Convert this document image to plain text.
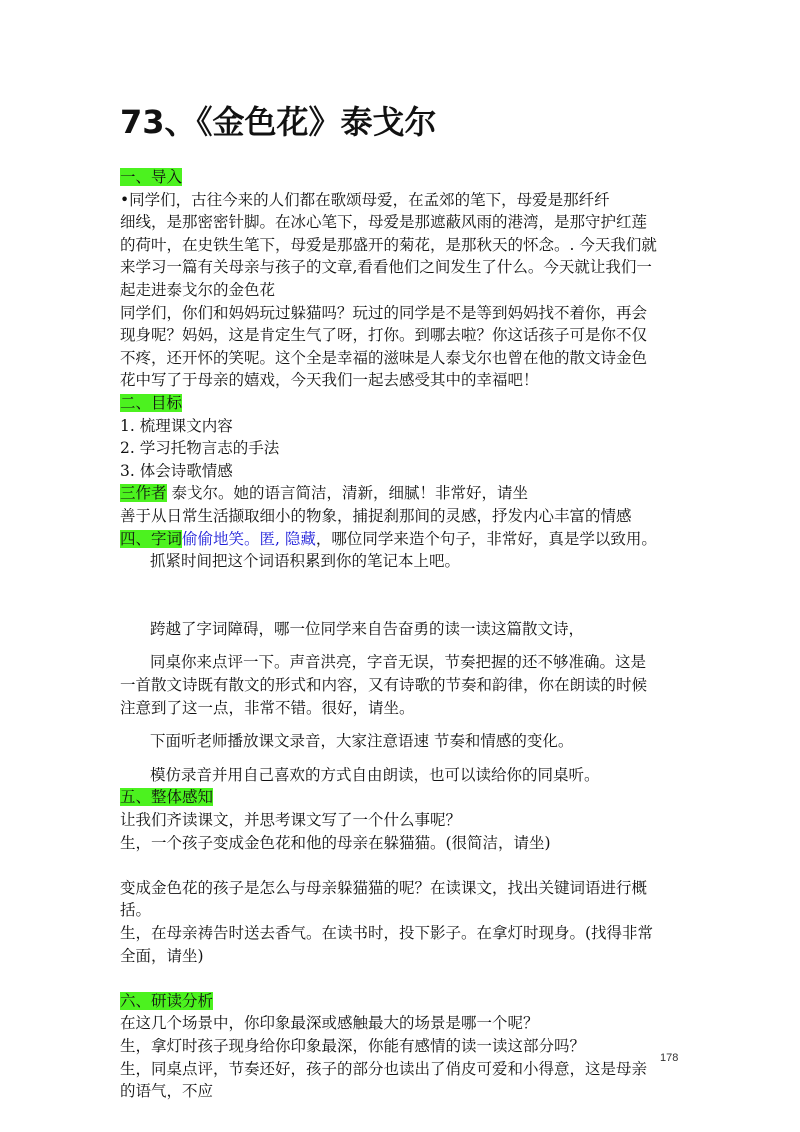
73、《金色花》泰戈尔
一、导入
•同学们，古往今来的人们都在歌颂母爱，在孟郊的笔下，母爱是那纤纤
细线，是那密密针脚。在冰心笔下，母爱是那遮蔽风雨的港湾，是那守护红莲
的荷叶，在史铁生笔下，母爱是那盛开的菊花，是那秋天的怀念。. 今天我们就
来学习一篇有关母亲与孩子的文章,看看他们之间发生了什么。今天就让我们一
起走进泰戈尔的金色花
同学们，你们和妈妈玩过躲猫吗？玩过的同学是不是等到妈妈找不着你，再会
现身呢？妈妈，这是肯定生气了呀，打你。到哪去啦？你这话孩子可是你不仅
不疼，还开怀的笑呢。这个全是幸福的滋味是人泰戈尔也曾在他的散文诗金色
花中写了于母亲的嬉戏，今天我们一起去感受其中的幸福吧！
二、目标
1. 梳理课文内容
2. 学习托物言志的手法
3. 体会诗歌情感
三作者 泰戈尔。她的语言简洁，清新，细腻！非常好，请坐
善于从日常生活撷取细小的物象，捕捉刹那间的灵感，抒发内心丰富的情感
四、字词偷偷地笑。匿, 隐藏，哪位同学来造个句子，非常好，真是学以致用。
抓紧时间把这个词语积累到你的笔记本上吧。
跨越了字词障碍，哪一位同学来自告奋勇的读一读这篇散文诗，
同桌你来点评一下。声音洪亮，字音无误，节奏把握的还不够准确。这是
一首散文诗既有散文的形式和内容，又有诗歌的节奏和韵律，你在朗读的时候
注意到了这一点，非常不错。很好，请坐。
下面听老师播放课文录音，大家注意语速 节奏和情感的变化。
模仿录音并用自己喜欢的方式自由朗读，也可以读给你的同桌听。
五、整体感知
让我们齐读课文，并思考课文写了一个什么事呢？
生，一个孩子变成金色花和他的母亲在躲猫猫。(很简洁，请坐)
变成金色花的孩子是怎么与母亲躲猫猫的呢？在读课文，找出关键词语进行概
括。
生，在母亲祷告时送去香气。在读书时，投下影子。在拿灯时现身。(找得非常
全面，请坐)
六、研读分析
在这几个场景中，你印象最深或感触最大的场景是哪一个呢？
生，拿灯时孩子现身给你印象最深，你能有感情的读一读这部分吗？
生，同桌点评，节奏还好，孩子的部分也读出了俏皮可爱和小得意，这是母亲
的语气，不应
178
